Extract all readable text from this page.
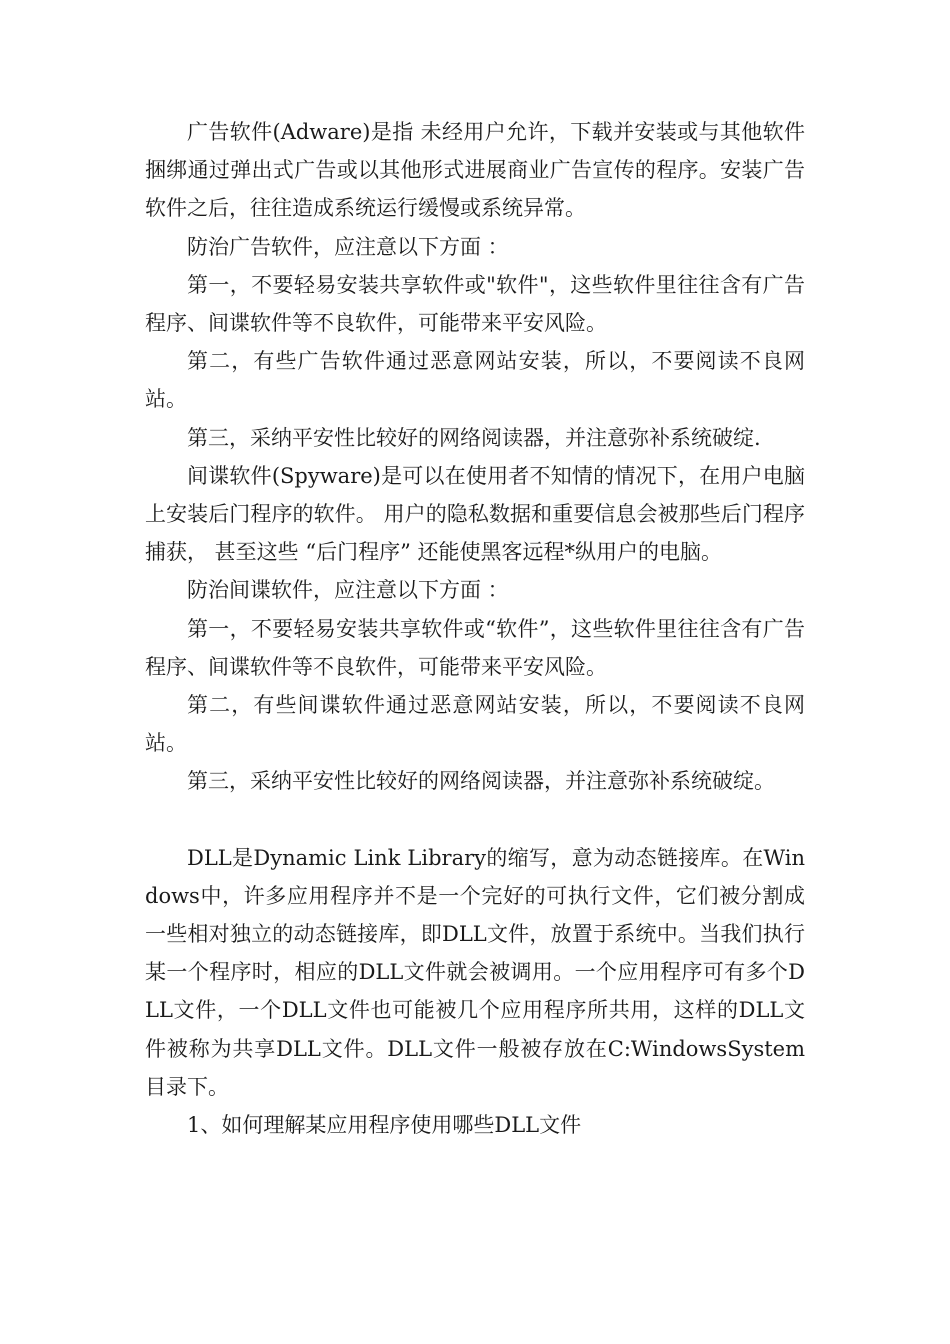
广告软件(Adware)是指 未经用户允许，下载并安装或与其他软件捆绑通过弹出式广告或以其他形式进展商业广告宣传的程序。安装广告软件之后，往往造成系统运行缓慢或系统异常。

防治广告软件，应注意以下方面 ：

第一，不要轻易安装共享软件或"软件"，这些软件里往往含有广告程序、间谍软件等不良软件，可能带来平安风险。

第二，有些广告软件通过恶意网站安装，所以，不要阅读不良网站。

第三，采纳平安性比较好的网络阅读器，并注意弥补系统破绽.

间谍软件(Spyware)是可以在使用者不知情的情况下，在用户电脑上安装后门程序的软件。 用户的隐私数据和重要信息会被那些后门程序捕获， 甚至这些 “后门程序” 还能使黑客远程*纵用户的电脑。

防治间谍软件，应注意以下方面 ：

第一，不要轻易安装共享软件或“软件”，这些软件里往往含有广告程序、间谍软件等不良软件，可能带来平安风险。

第二，有些间谍软件通过恶意网站安装，所以，不要阅读不良网站。

第三，采纳平安性比较好的网络阅读器，并注意弥补系统破绽。

DLL是Dynamic Link Library的缩写，意为动态链接库。在Windows中，许多应用程序并不是一个完好的可执行文件，它们被分割成一些相对独立的动态链接库，即DLL文件，放置于系统中。当我们执行某一个程序时，相应的DLL文件就会被调用。一个应用程序可有多个DLL文件，一个DLL文件也可能被几个应用程序所共用，这样的DLL文件被称为共享DLL文件。DLL文件一般被存放在C:WindowsSystem目录下。

1、如何理解某应用程序使用哪些DLL文件
